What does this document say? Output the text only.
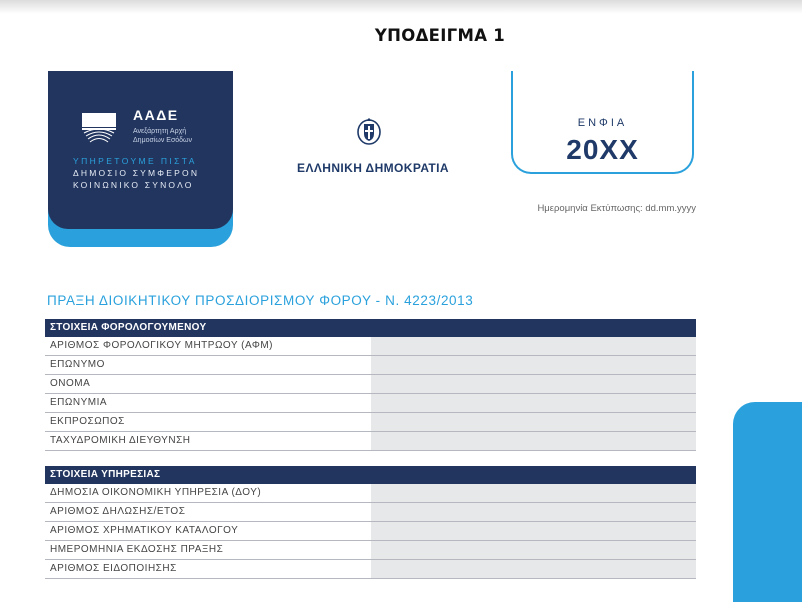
ΥΠΟΔΕΙΓΜΑ 1
ΑΑΔΕ
Ανεξάρτητη Αρχή
Δημοσίων Εσόδων
ΥΠΗΡΕΤΟΥΜΕ ΠΙΣΤΑ
ΔΗΜΟΣΙΟ ΣΥΜΦΕΡΟΝ
ΚΟΙΝΩΝΙΚΟ ΣΥΝΟΛΟ
ΕΛΛΗΝΙΚΗ ΔΗΜΟΚΡΑΤΙΑ
ΕΝΦΙΑ
20XX
Ημερομηνία Εκτύπωσης: dd.mm.yyyy
ΠΡΑΞΗ ΔΙΟΙΚΗΤΙΚΟΥ ΠΡΟΣΔΙΟΡΙΣΜΟΥ ΦΟΡΟΥ - Ν. 4223/2013
ΣΤΟΙΧΕΙΑ ΦΟΡΟΛΟΓΟΥΜΕΝΟΥ
ΑΡΙΘΜΟΣ ΦΟΡΟΛΟΓΙΚΟΥ ΜΗΤΡΩΟΥ (ΑΦΜ)
ΕΠΩΝΥΜΟ
ΟΝΟΜΑ
ΕΠΩΝΥΜΙΑ
ΕΚΠΡΟΣΩΠΟΣ
ΤΑΧΥΔΡΟΜΙΚΗ ΔΙΕΥΘΥΝΣΗ
ΣΤΟΙΧΕΙΑ ΥΠΗΡΕΣΙΑΣ
ΔΗΜΟΣΙΑ ΟΙΚΟΝΟΜΙΚΗ ΥΠΗΡΕΣΙΑ (ΔΟΥ)
ΑΡΙΘΜΟΣ ΔΗΛΩΣΗΣ/ΕΤΟΣ
ΑΡΙΘΜΟΣ ΧΡΗΜΑΤΙΚΟΥ ΚΑΤΑΛΟΓΟΥ
ΗΜΕΡΟΜΗΝΙΑ ΕΚΔΟΣΗΣ ΠΡΑΞΗΣ
ΑΡΙΘΜΟΣ ΕΙΔΟΠΟΙΗΣΗΣ
